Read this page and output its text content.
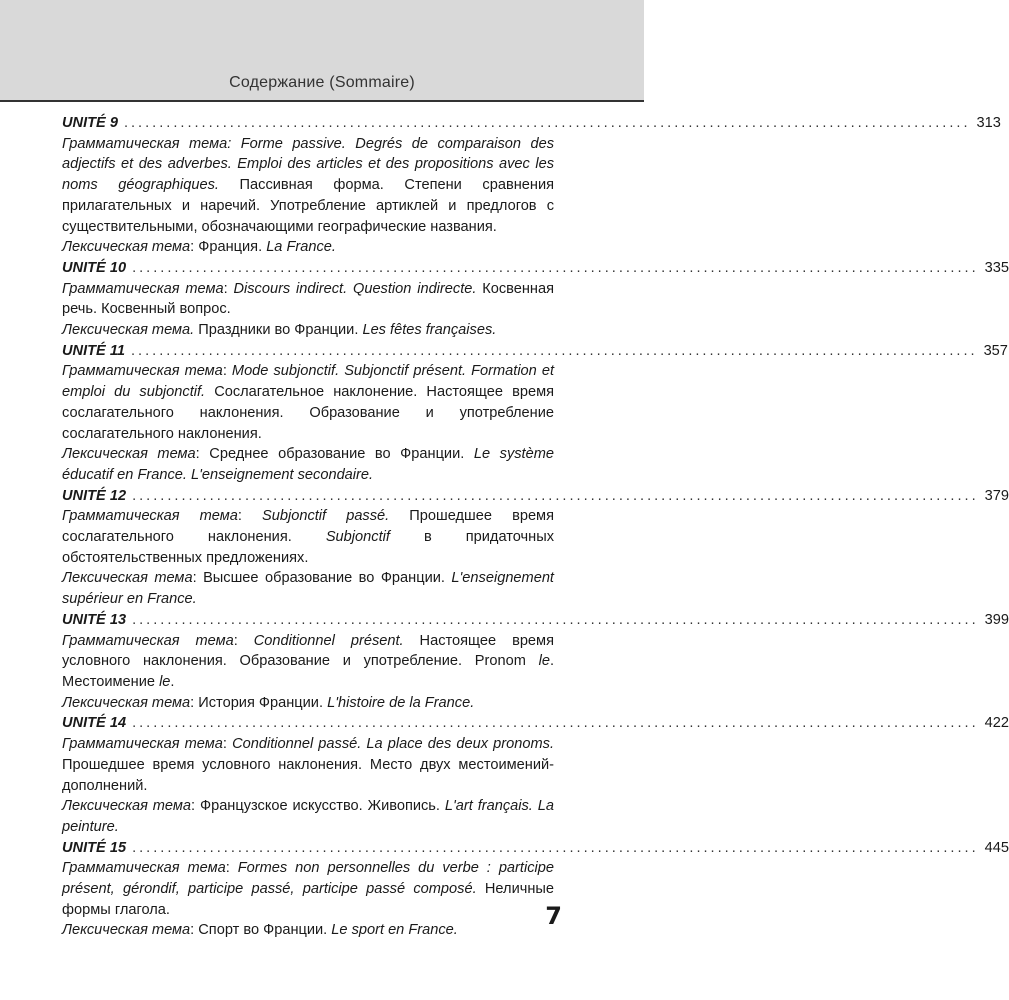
Содержание (Sommaire)
UNITÉ 9 ........................................................................................................................ 313
Грамматическая тема: Forme passive. Degrés de comparaison des adjectifs et des adverbes. Emploi des articles et des propositions avec les noms géographiques. Пассивная форма. Степени сравнения прилагательных и наречий. Употребление артиклей и предлогов с существительными, обозначающими географические названия.
Лексическая тема: Франция. La France.
UNITÉ 10 ........................................................................................................................ 335
Грамматическая тема: Discours indirect. Question indirecte. Косвенная речь. Косвенный вопрос.
Лексическая тема. Праздники во Франции. Les fêtes françaises.
UNITÉ 11 ........................................................................................................................ 357
Грамматическая тема: Mode subjonctif. Subjonctif présent. Formation et emploi du subjonctif. Сослагательное наклонение. Настоящее время сослагательного наклонения. Образование и употребление сослагательного наклонения.
Лексическая тема: Среднее образование во Франции. Le système éducatif en France. L'enseignement secondaire.
UNITÉ 12 ........................................................................................................................ 379
Грамматическая тема: Subjonctif passé. Прошедшее время сослагательного наклонения. Subjonctif в придаточных обстоятельственных предложениях.
Лексическая тема: Высшее образование во Франции. L'enseignement supérieur en France.
UNITÉ 13 ........................................................................................................................ 399
Грамматическая тема: Conditionnel présent. Настоящее время условного наклонения. Образование и употребление. Pronom le. Местоимение le.
Лексическая тема: История Франции. L'histoire de la France.
UNITÉ 14 ........................................................................................................................ 422
Грамматическая тема: Conditionnel passé. La place des deux pronoms. Прошедшее время условного наклонения. Место двух местоимений-дополнений.
Лексическая тема: Французское искусство. Живопись. L'art français. La peinture.
UNITÉ 15 ........................................................................................................................ 445
Грамматическая тема: Formes non personnelles du verbe : participe présent, gérondif, participe passé, participe passé composé. Неличные формы глагола.
Лексическая тема: Спорт во Франции. Le sport en France.
7
